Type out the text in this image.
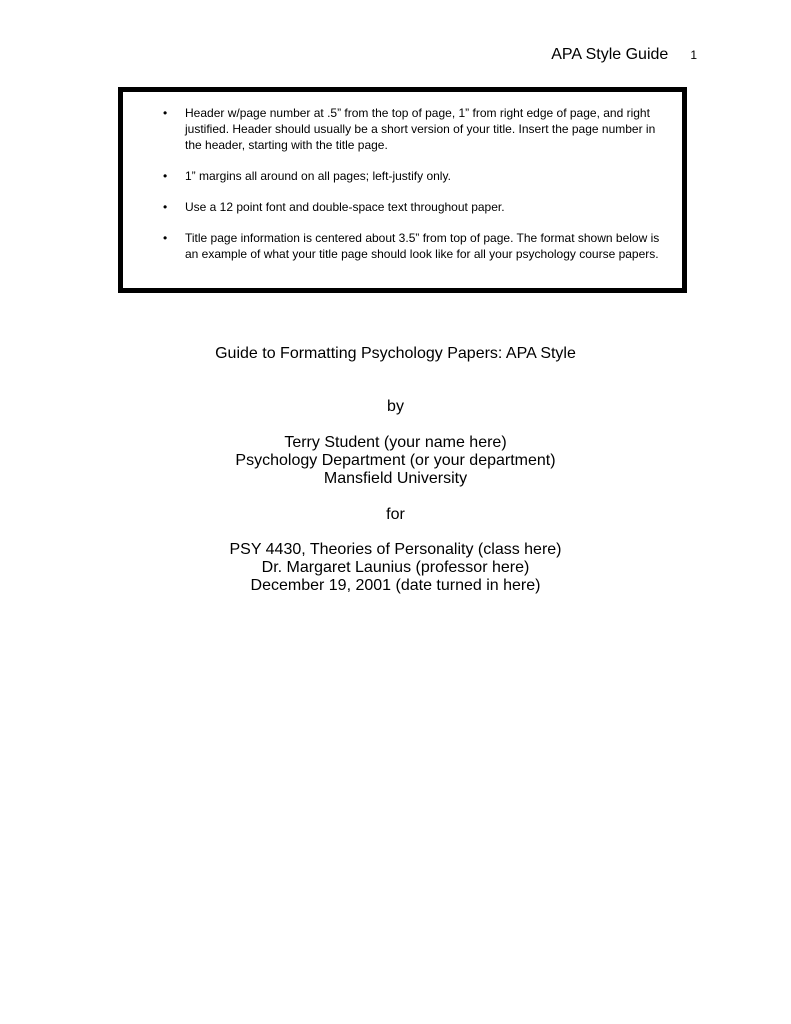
APA Style Guide 1
• Header w/page number at .5” from the top of page, 1” from right edge of page, and right justified. Header should usually be a short version of your title. Insert the page number in the header, starting with the title page.
• 1” margins all around on all pages; left-justify only.
• Use a 12 point font and double-space text throughout paper.
• Title page information is centered about 3.5” from top of page. The format shown below is an example of what your title page should look like for all your psychology course papers.
Guide to Formatting Psychology Papers: APA Style
by
Terry Student (your name here)
Psychology Department (or your department)
Mansfield University
for
PSY 4430, Theories of Personality (class here)
Dr. Margaret Launius (professor here)
December 19, 2001 (date turned in here)
